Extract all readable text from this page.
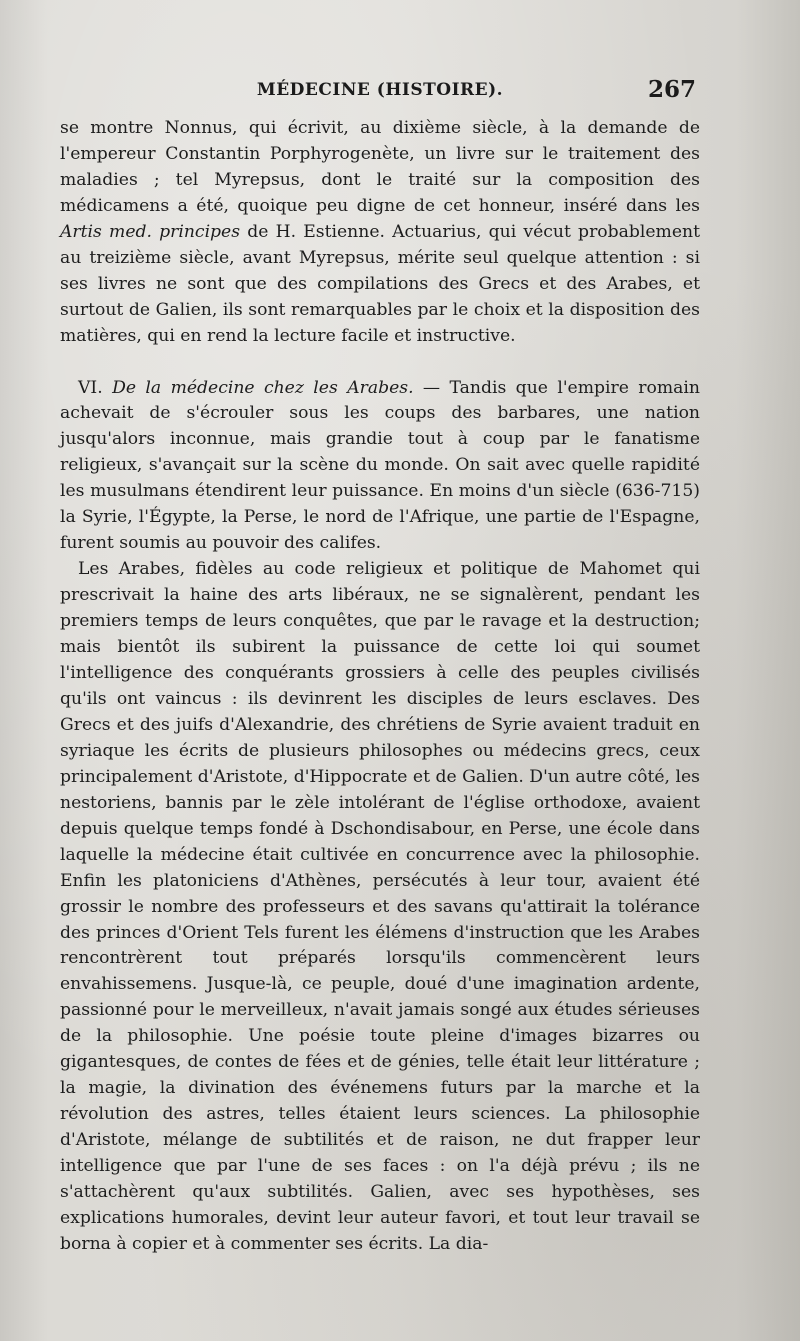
MÉDECINE (HISTOIRE).	267

se montre Nonnus, qui écrivit, au dixième siècle, à la demande de l'empereur Constantin Porphyrogenète, un livre sur le traitement des maladies ; tel Myrepsus, dont le traité sur la composition des médicamens a été, quoique peu digne de cet honneur, inséré dans les Artis med. principes de H. Estienne. Actuarius, qui vécut probablement au treizième siècle, avant Myrepsus, mérite seul quelque attention : si ses livres ne sont que des compilations des Grecs et des Arabes, et surtout de Galien, ils sont remarquables par le choix et la disposition des matières, qui en rend la lecture facile et instructive.

VI. De la médecine chez les Arabes. — Tandis que l'empire romain achevait de s'écrouler sous les coups des barbares, une nation jusqu'alors inconnue, mais grandie tout à coup par le fanatisme religieux, s'avançait sur la scène du monde. On sait avec quelle rapidité les musulmans étendirent leur puissance. En moins d'un siècle (636-715) la Syrie, l'Égypte, la Perse, le nord de l'Afrique, une partie de l'Espagne, furent soumis au pouvoir des califes.

Les Arabes, fidèles au code religieux et politique de Mahomet qui prescrivait la haine des arts libéraux, ne se signalèrent, pendant les premiers temps de leurs conquêtes, que par le ravage et la destruction; mais bientôt ils subirent la puissance de cette loi qui soumet l'intelligence des conquérants grossiers à celle des peuples civilisés qu'ils ont vaincus : ils devinrent les disciples de leurs esclaves. Des Grecs et des juifs d'Alexandrie, des chrétiens de Syrie avaient traduit en syriaque les écrits de plusieurs philosophes ou médecins grecs, ceux principalement d'Aristote, d'Hippocrate et de Galien. D'un autre côté, les nestoriens, bannis par le zèle intolérant de l'église orthodoxe, avaient depuis quelque temps fondé à Dschondisabour, en Perse, une école dans laquelle la médecine était cultivée en concurrence avec la philosophie. Enfin les platoniciens d'Athènes, persécutés à leur tour, avaient été grossir le nombre des professeurs et des savans qu'attirait la tolérance des princes d'Orient Tels furent les élémens d'instruction que les Arabes rencontrèrent tout préparés lorsqu'ils commencèrent leurs envahissemens. Jusque-là, ce peuple, doué d'une imagination ardente, passionné pour le merveilleux, n'avait jamais songé aux études sérieuses de la philosophie. Une poésie toute pleine d'images bizarres ou gigantesques, de contes de fées et de génies, telle était leur littérature ; la magie, la divination des événemens futurs par la marche et la révolution des astres, telles étaient leurs sciences. La philosophie d'Aristote, mélange de subtilités et de raison, ne dut frapper leur intelligence que par l'une de ses faces : on l'a déjà prévu ; ils ne s'attachèrent qu'aux subtilités. Galien, avec ses hypothèses, ses explications humorales, devint leur auteur favori, et tout leur travail se borna à copier et à commenter ses écrits. La dia-
